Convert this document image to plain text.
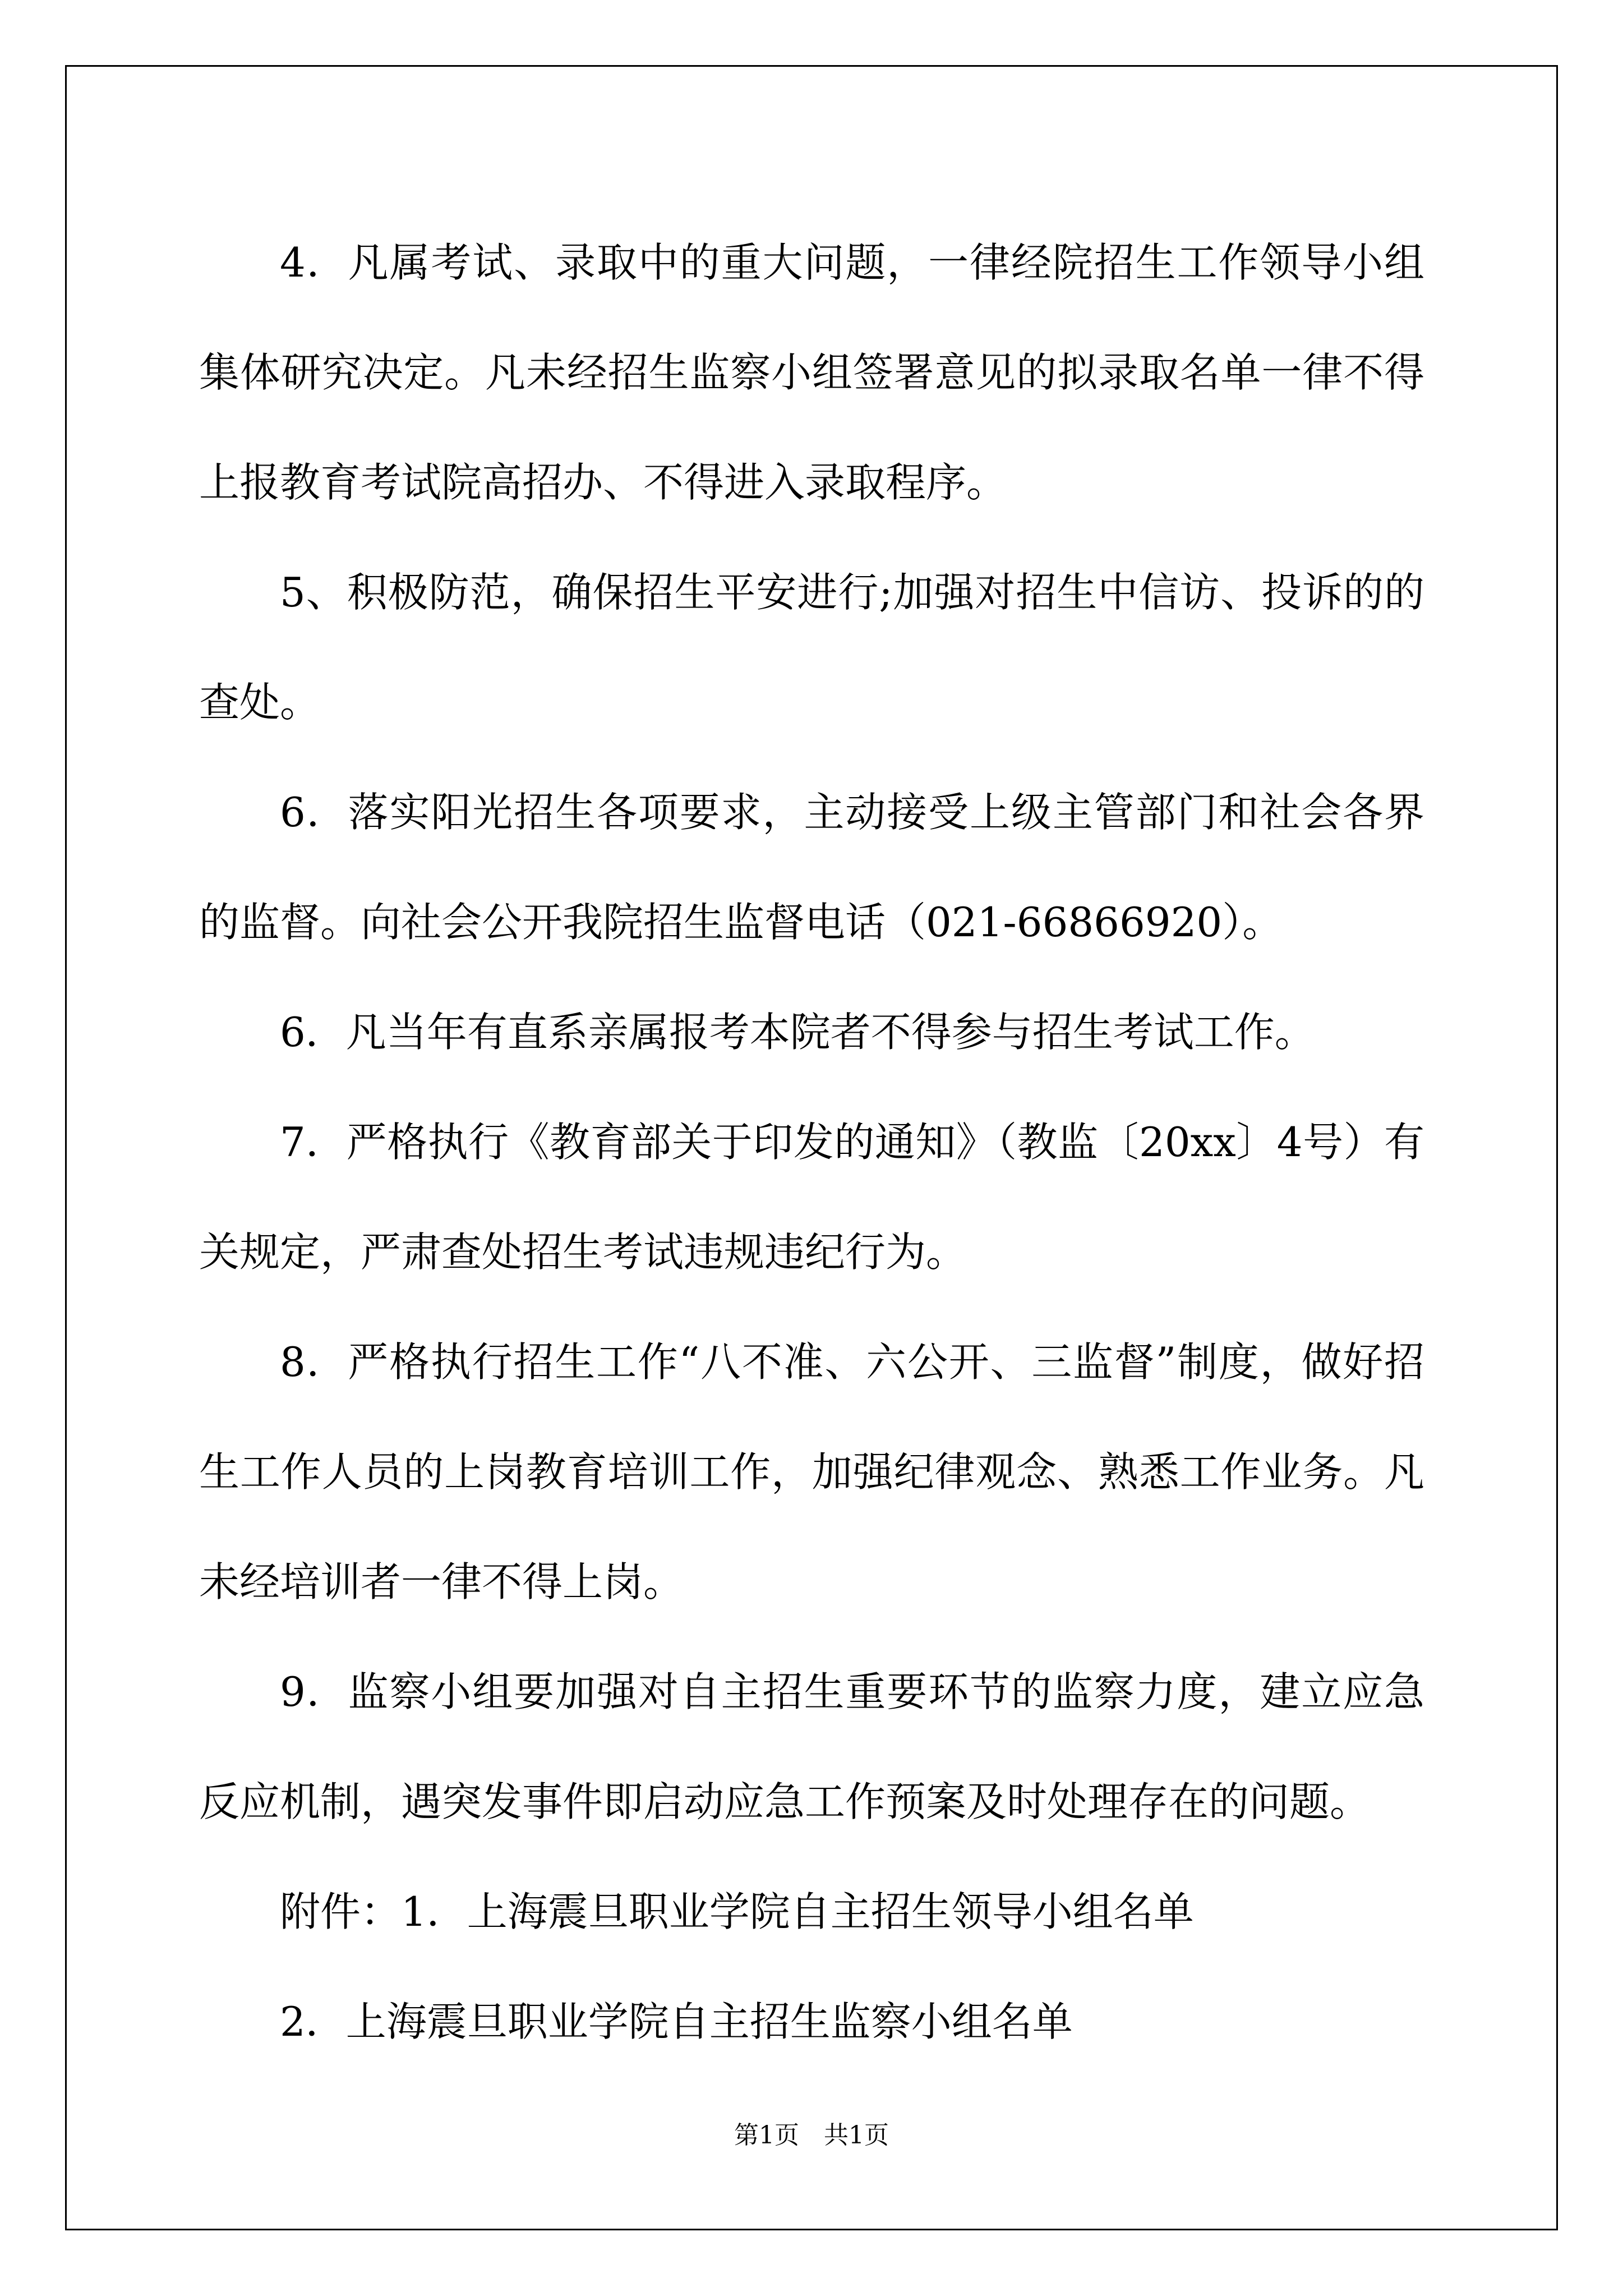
4．凡属考试、录取中的重大问题，一律经院招生工作领导小组集体研究决定。凡未经招生监察小组签署意见的拟录取名单一律不得上报教育考试院高招办、不得进入录取程序。

5、积极防范，确保招生平安进行;加强对招生中信访、投诉的的查处。

6．落实阳光招生各项要求，主动接受上级主管部门和社会各界的监督。向社会公开我院招生监督电话（021-66866920）。

6．凡当年有直系亲属报考本院者不得参与招生考试工作。

7．严格执行《教育部关于印发的通知》（教监〔20xx〕4号）有关规定，严肃查处招生考试违规违纪行为。

8．严格执行招生工作“八不准、六公开、三监督”制度，做好招生工作人员的上岗教育培训工作，加强纪律观念、熟悉工作业务。凡未经培训者一律不得上岗。

9．监察小组要加强对自主招生重要环节的监察力度，建立应急反应机制，遇突发事件即启动应急工作预案及时处理存在的问题。

附件：1．上海震旦职业学院自主招生领导小组名单

2．上海震旦职业学院自主招生监察小组名单

第1页　共1页
